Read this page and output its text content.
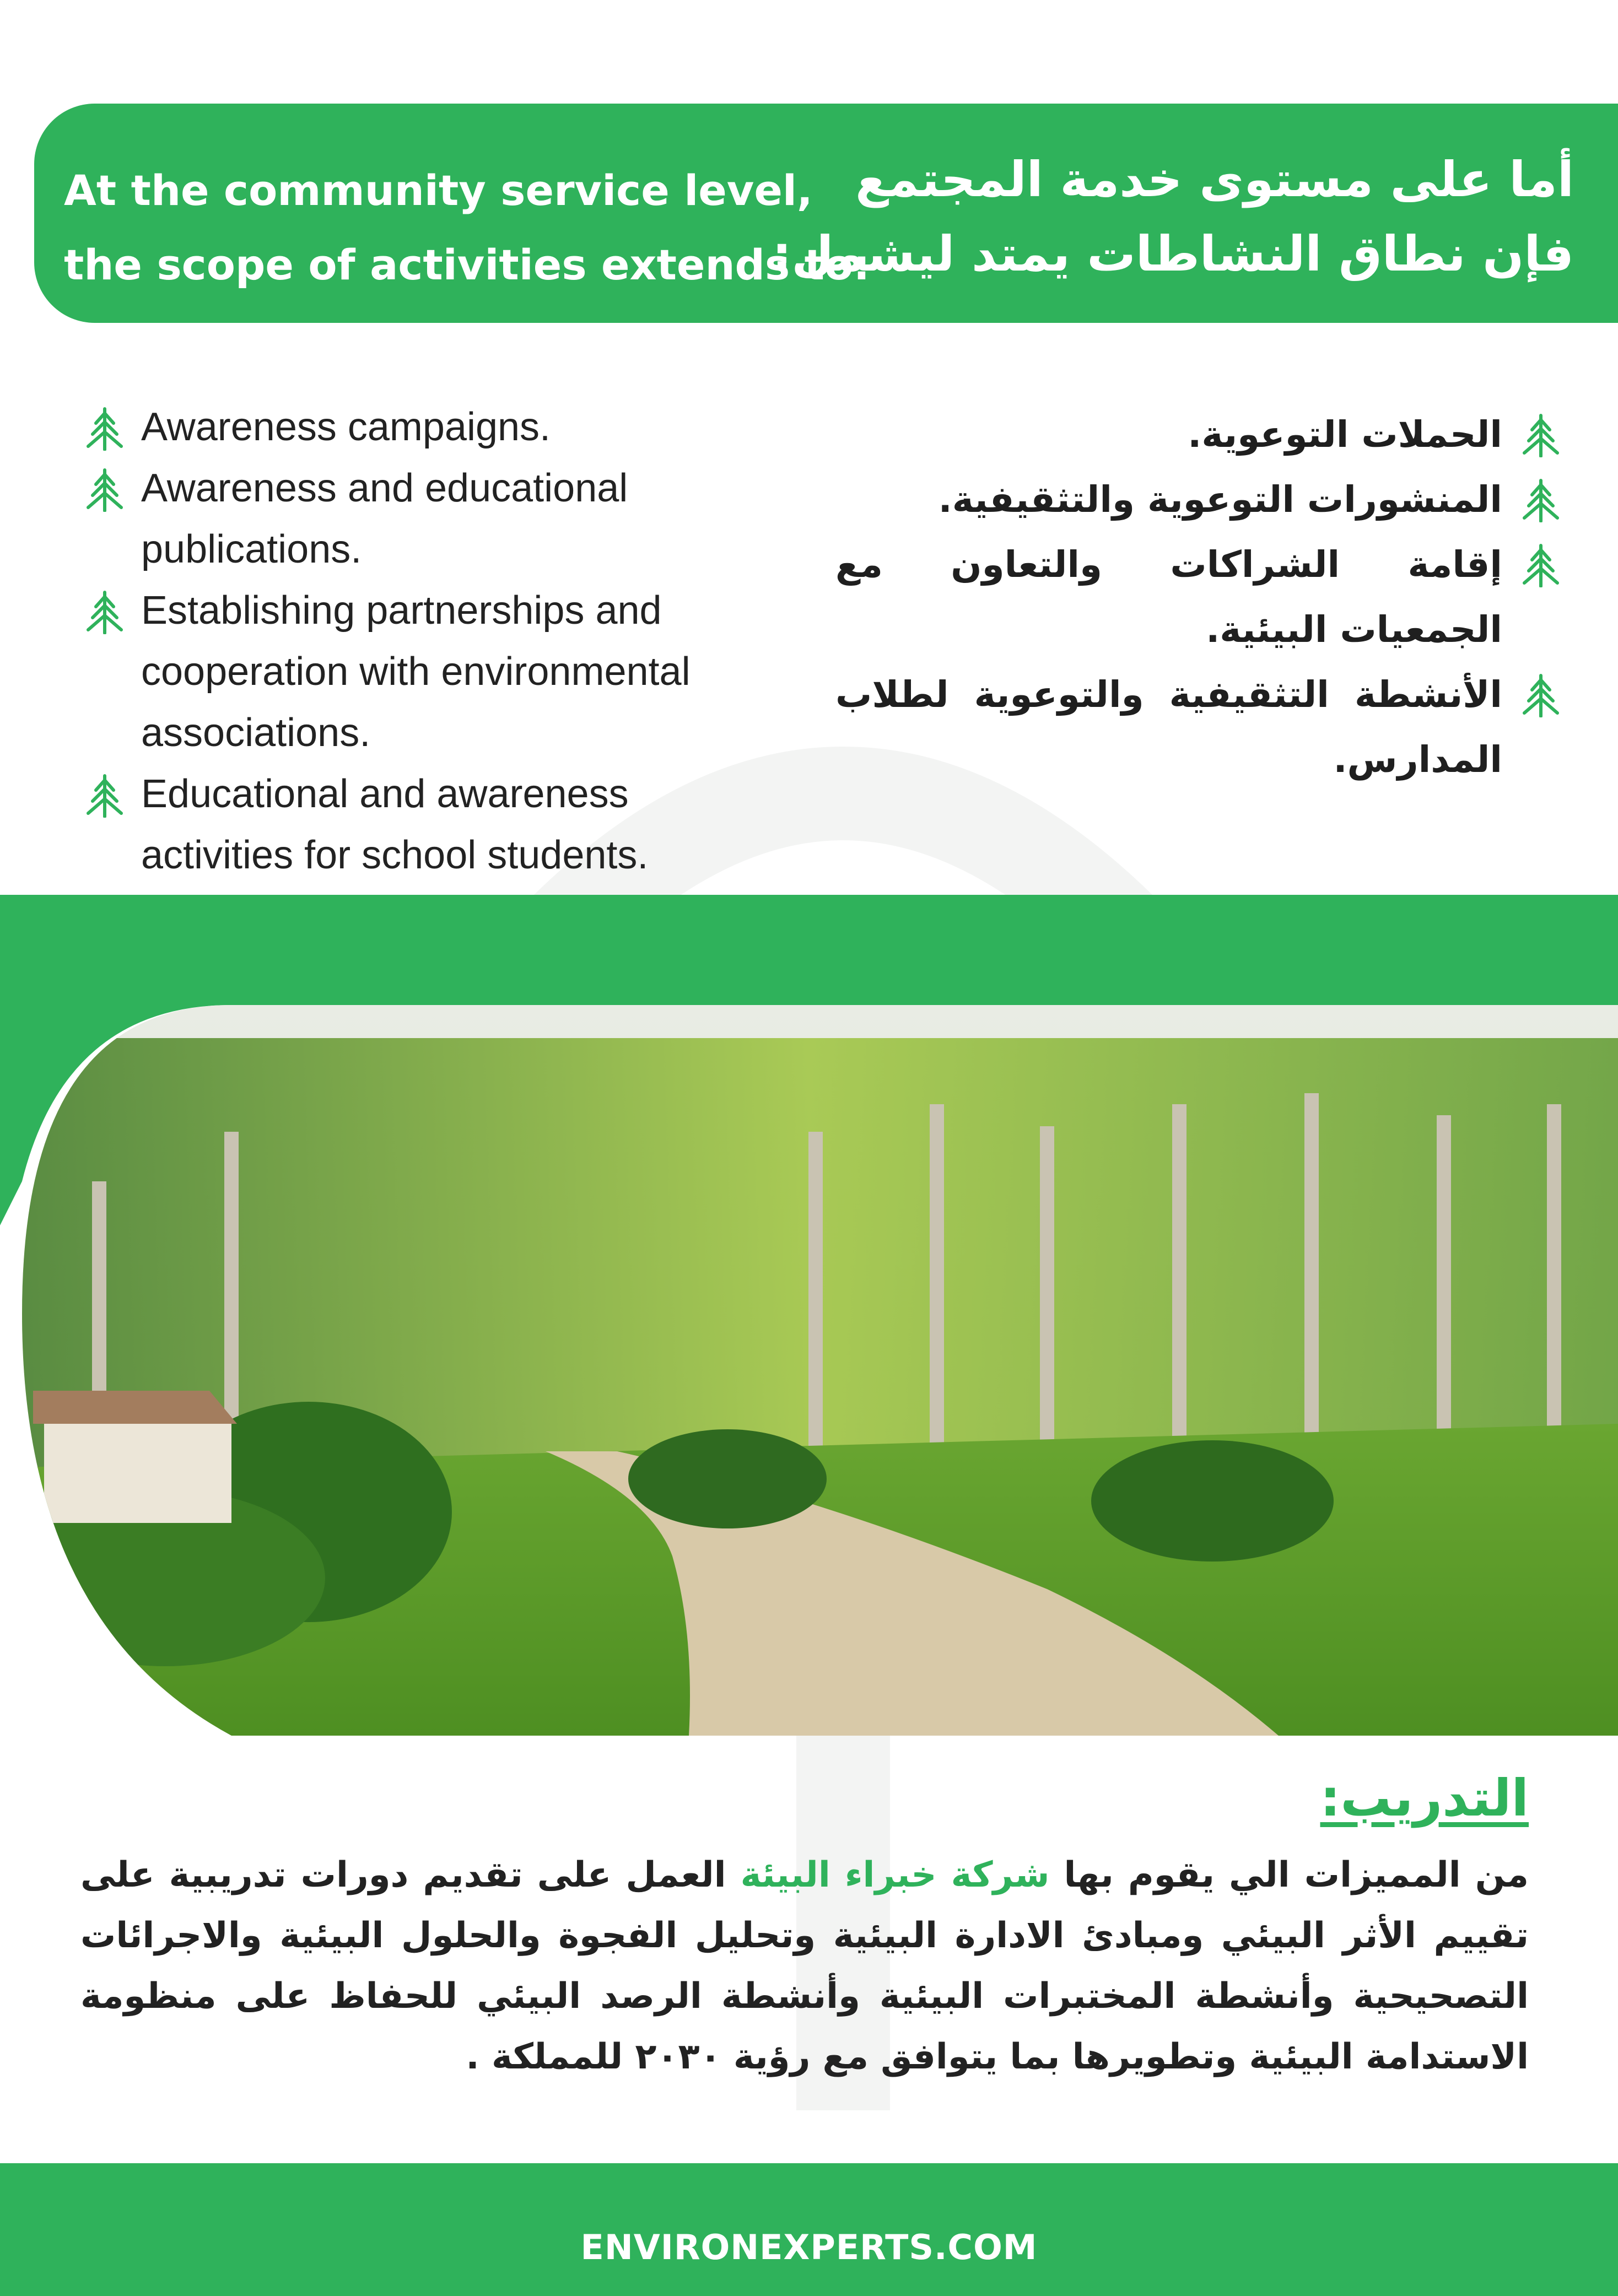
At the community service level,
the scope of activities extends to:
أما على مستوى خدمة المجتمع
فإن نطاق النشاطات يمتد ليشمل:
Awareness campaigns.
Awareness and educational publications.
Establishing partnerships and cooperation with environmental associations.
Educational and awareness activities for school students.
الحملات التوعوية.
المنشورات التوعوية والتثقيفية.
إقامة الشراكات والتعاون مع الجمعيات البيئية.
الأنشطة التثقيفية والتوعوية لطلاب المدارس.
التدريب:
من المميزات الي يقوم بها شركة خبراء البيئة العمل على تقديم دورات تدريبية على تقييم الأثر البيئي ومبادئ الادارة البيئية وتحليل الفجوة والحلول البيئية والاجرائات التصحيحية وأنشطة المختبرات البيئية وأنشطة الرصد البيئي للحفاظ على منظومة الاستدامة البيئية وتطويرها بما يتوافق مع رؤية ٢٠٣٠ للمملكة .
ENVIRONEXPERTS.COM
